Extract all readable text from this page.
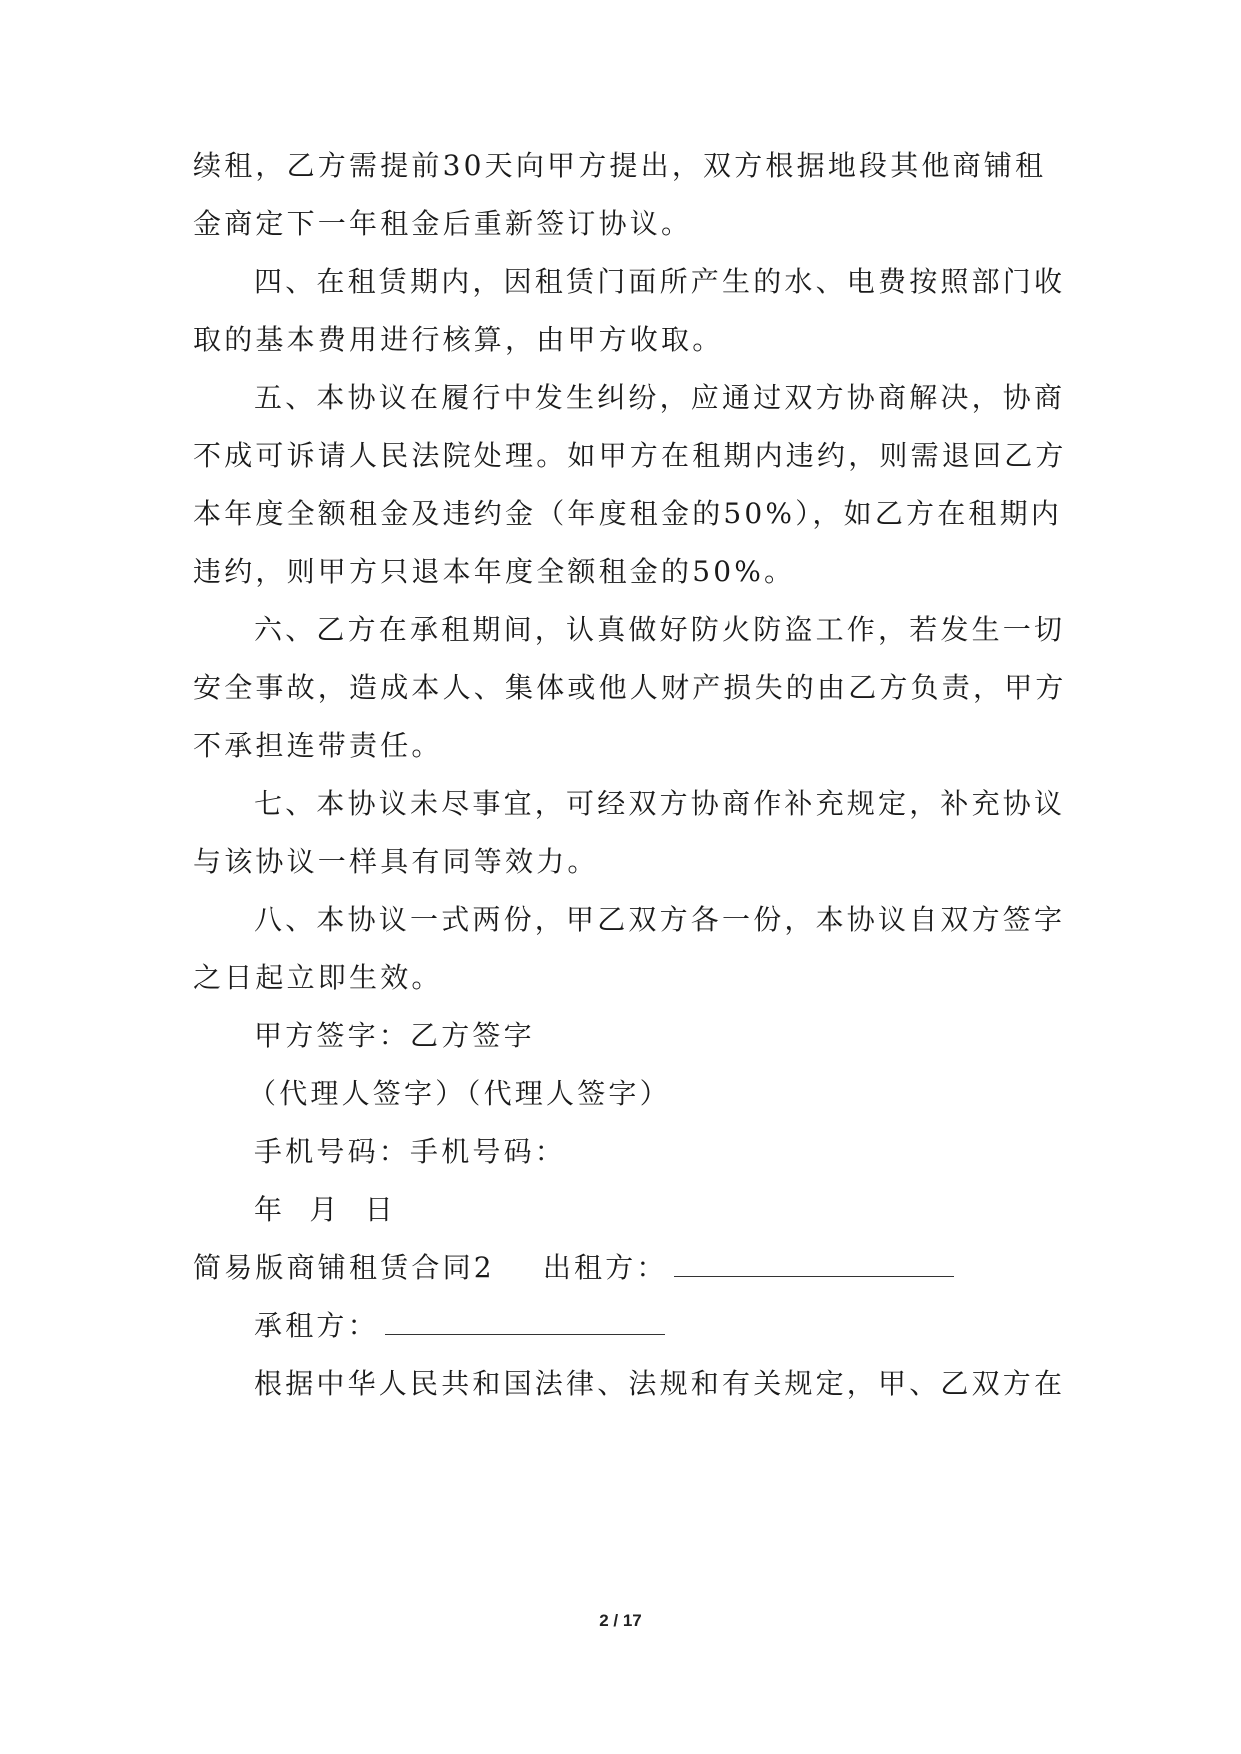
续租，乙方需提前30天向甲方提出，双方根据地段其他商铺租
金商定下一年租金后重新签订协议。
四、在租赁期内，因租赁门面所产生的水、电费按照部门收
取的基本费用进行核算，由甲方收取。
五、本协议在履行中发生纠纷，应通过双方协商解决，协商
不成可诉请人民法院处理。如甲方在租期内违约，则需退回乙方
本年度全额租金及违约金（年度租金的50%），如乙方在租期内
违约，则甲方只退本年度全额租金的50%。
六、乙方在承租期间，认真做好防火防盗工作，若发生一切
安全事故，造成本人、集体或他人财产损失的由乙方负责，甲方
不承担连带责任。
七、本协议未尽事宜，可经双方协商作补充规定，补充协议
与该协议一样具有同等效力。
八、本协议一式两份，甲乙双方各一份，本协议自双方签字
之日起立即生效。
甲方签字：乙方签字
（代理人签字）（代理人签字）
手机号码：手机号码：
年  月  日
简易版商铺租赁合同2 出租方：
承租方：
根据中华人民共和国法律、法规和有关规定，甲、乙双方在
2 / 17
